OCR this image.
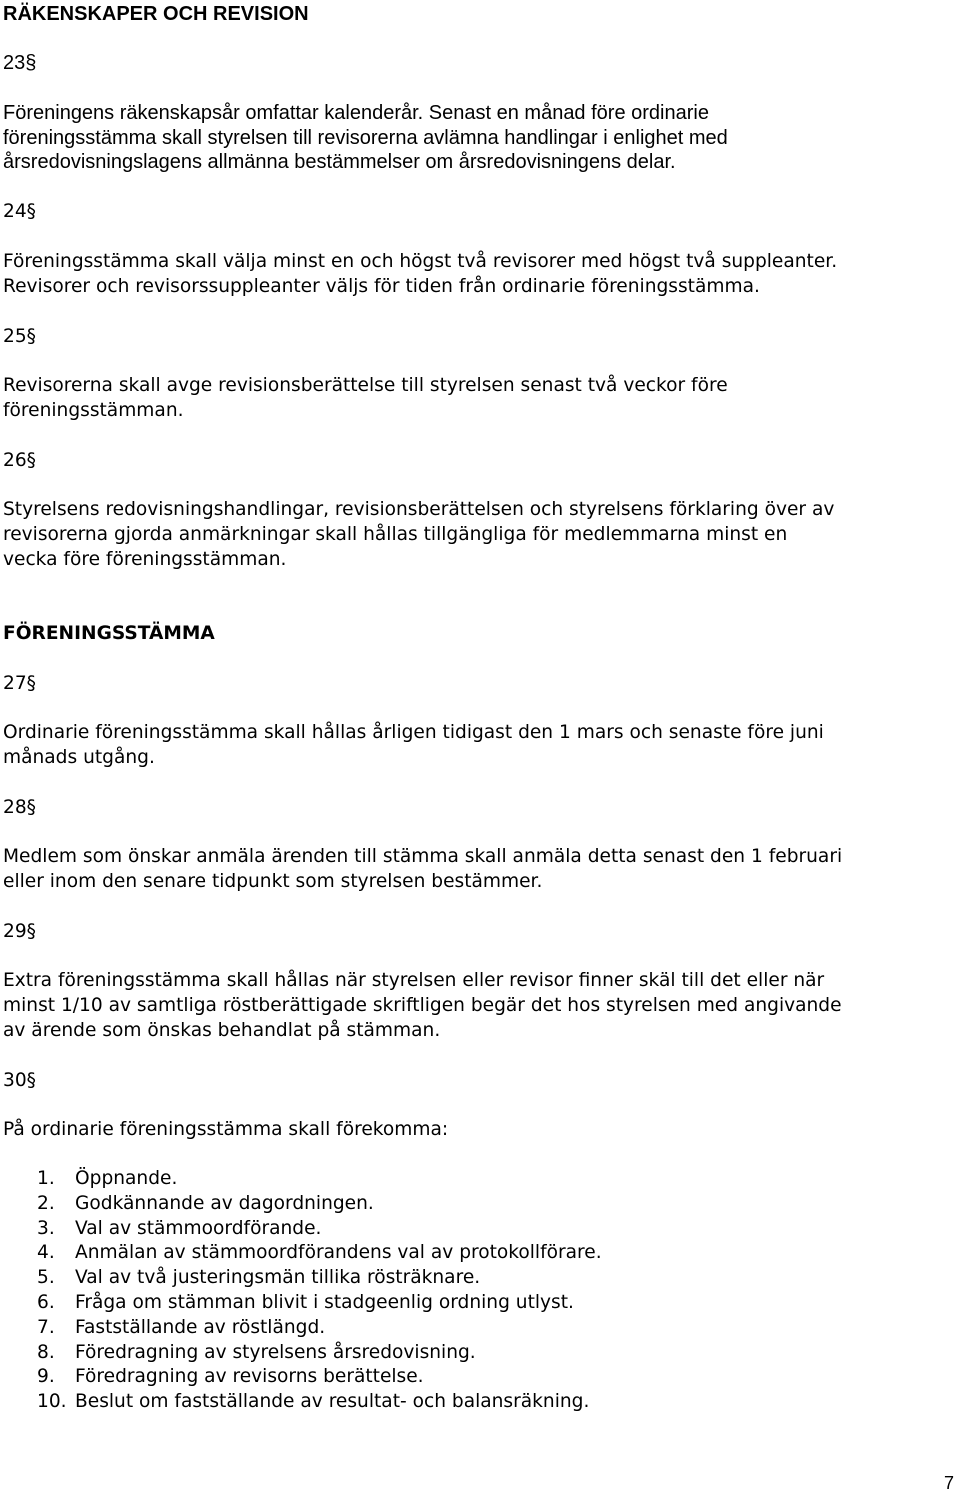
RÄKENSKAPER OCH REVISION
23§
Föreningens räkenskapsår omfattar kalenderår. Senast en månad före ordinarie
föreningsstämma skall styrelsen till revisorerna avlämna handlingar i enlighet med
årsredovisningslagens allmänna bestämmelser om årsredovisningens delar.
24§
Föreningsstämma skall välja minst en och högst två revisorer med högst två suppleanter.
Revisorer och revisorssuppleanter väljs för tiden från ordinarie föreningsstämma.
25§
Revisorerna skall avge revisionsberättelse till styrelsen senast två veckor före
föreningsstämman.
26§
Styrelsens redovisningshandlingar, revisionsberättelsen och styrelsens förklaring över av
revisorerna gjorda anmärkningar skall hållas tillgängliga för medlemmarna minst en
vecka före föreningsstämman.
FÖRENINGSSTÄMMA
27§
Ordinarie föreningsstämma skall hållas årligen tidigast den 1 mars och senaste före juni
månads utgång.
28§
Medlem som önskar anmäla ärenden till stämma skall anmäla detta senast den 1 februari
eller inom den senare tidpunkt som styrelsen bestämmer.
29§
Extra föreningsstämma skall hållas när styrelsen eller revisor finner skäl till det eller när
minst 1/10 av samtliga röstberättigade skriftligen begär det hos styrelsen med angivande
av ärende som önskas behandlat på stämman.
30§
På ordinarie föreningsstämma skall förekomma:
1. Öppnande.
2. Godkännande av dagordningen.
3. Val av stämmoordförande.
4. Anmälan av stämmoordförandens val av protokollförare.
5. Val av två justeringsmän tillika rösträknare.
6. Fråga om stämman blivit i stadgeenlig ordning utlyst.
7. Fastställande av röstlängd.
8. Föredragning av styrelsens årsredovisning.
9. Föredragning av revisorns berättelse.
10. Beslut om fastställande av resultat- och balansräkning.
7
